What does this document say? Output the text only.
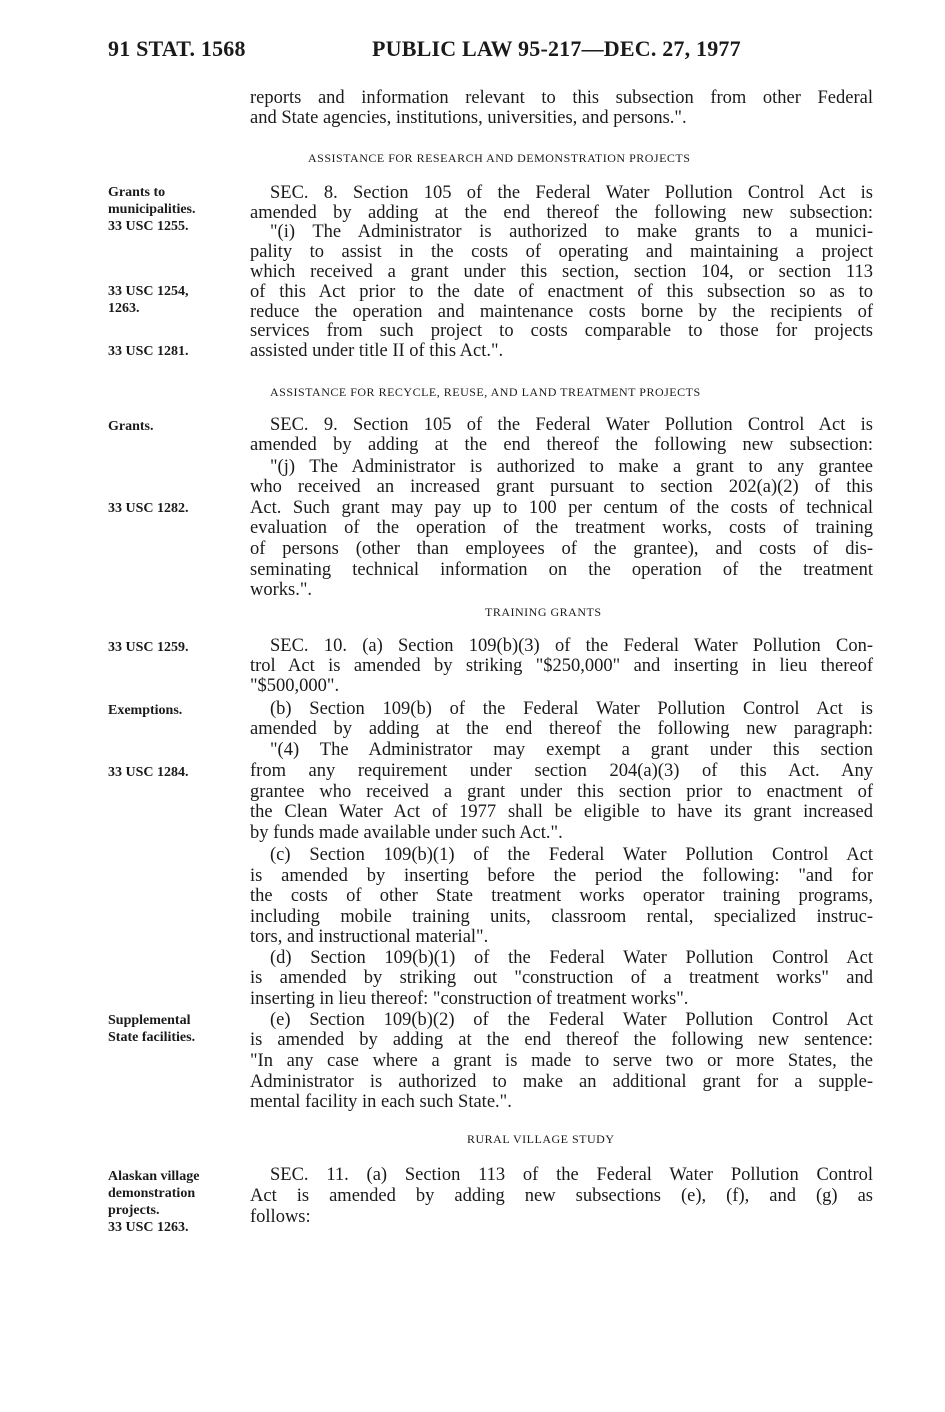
91 STAT. 1568	PUBLIC LAW 95-217—DEC. 27, 1977
reports and information relevant to this subsection from other Federal
and State agencies, institutions, universities, and persons.".
ASSISTANCE FOR RESEARCH AND DEMONSTRATION PROJECTS
SEC. 8. Section 105 of the Federal Water Pollution Control Act is
amended by adding at the end thereof the following new subsection:
"(i) The Administrator is authorized to make grants to a munici-
pality to assist in the costs of operating and maintaining a project
which received a grant under this section, section 104, or section 113
of this Act prior to the date of enactment of this subsection so as to
reduce the operation and maintenance costs borne by the recipients of
services from such project to costs comparable to those for projects
assisted under title II of this Act.".
ASSISTANCE FOR RECYCLE, REUSE, AND LAND TREATMENT PROJECTS
SEC. 9. Section 105 of the Federal Water Pollution Control Act is
amended by adding at the end thereof the following new subsection:
"(j) The Administrator is authorized to make a grant to any grantee
who received an increased grant pursuant to section 202(a)(2) of this
Act. Such grant may pay up to 100 per centum of the costs of technical
evaluation of the operation of the treatment works, costs of training
of persons (other than employees of the grantee), and costs of dis-
seminating technical information on the operation of the treatment
works.".
TRAINING GRANTS
SEC. 10. (a) Section 109(b)(3) of the Federal Water Pollution Con-
trol Act is amended by striking "$250,000" and inserting in lieu thereof
"$500,000".
(b) Section 109(b) of the Federal Water Pollution Control Act is
amended by adding at the end thereof the following new paragraph:
"(4) The Administrator may exempt a grant under this section
from any requirement under section 204(a)(3) of this Act. Any
grantee who received a grant under this section prior to enactment of
the Clean Water Act of 1977 shall be eligible to have its grant increased
by funds made available under such Act.".
(c) Section 109(b)(1) of the Federal Water Pollution Control Act
is amended by inserting before the period the following: "and for
the costs of other State treatment works operator training programs,
including mobile training units, classroom rental, specialized instruc-
tors, and instructional material".
(d) Section 109(b)(1) of the Federal Water Pollution Control Act
is amended by striking out "construction of a treatment works" and
inserting in lieu thereof: "construction of treatment works".
(e) Section 109(b)(2) of the Federal Water Pollution Control Act
is amended by adding at the end thereof the following new sentence:
"In any case where a grant is made to serve two or more States, the
Administrator is authorized to make an additional grant for a supple-
mental facility in each such State.".
RURAL VILLAGE STUDY
SEC. 11. (a) Section 113 of the Federal Water Pollution Control
Act is amended by adding new subsections (e), (f), and (g) as
follows:
Grants to
municipalities.
33 USC 1255.
33 USC 1254,
1263.
33 USC 1281.
Grants.
33 USC 1282.
33 USC 1259.
Exemptions.
33 USC 1284.
Supplemental
State facilities.
Alaskan village
demonstration
projects.
33 USC 1263.
